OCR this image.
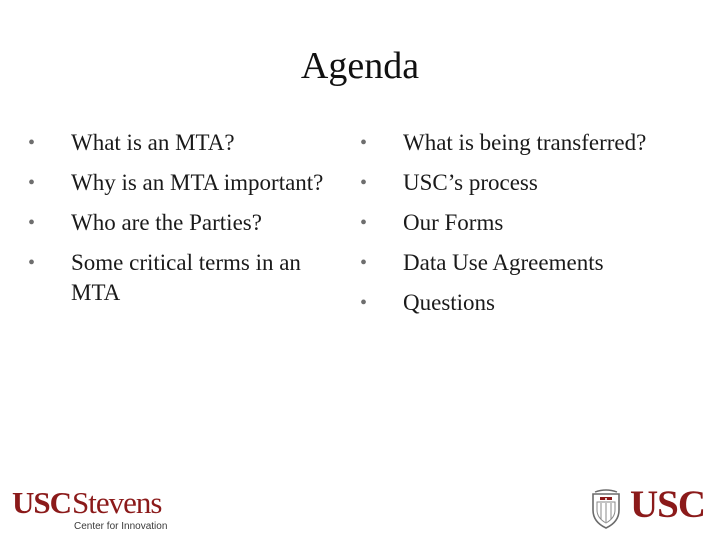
Agenda
• What is an MTA?
• Why is an MTA important?
• Who are the Parties?
• Some critical terms in an MTA
• What is being transferred?
• USC’s process
• Our Forms
• Data Use Agreements
• Questions
USC Stevens
Center for Innovation
USC
